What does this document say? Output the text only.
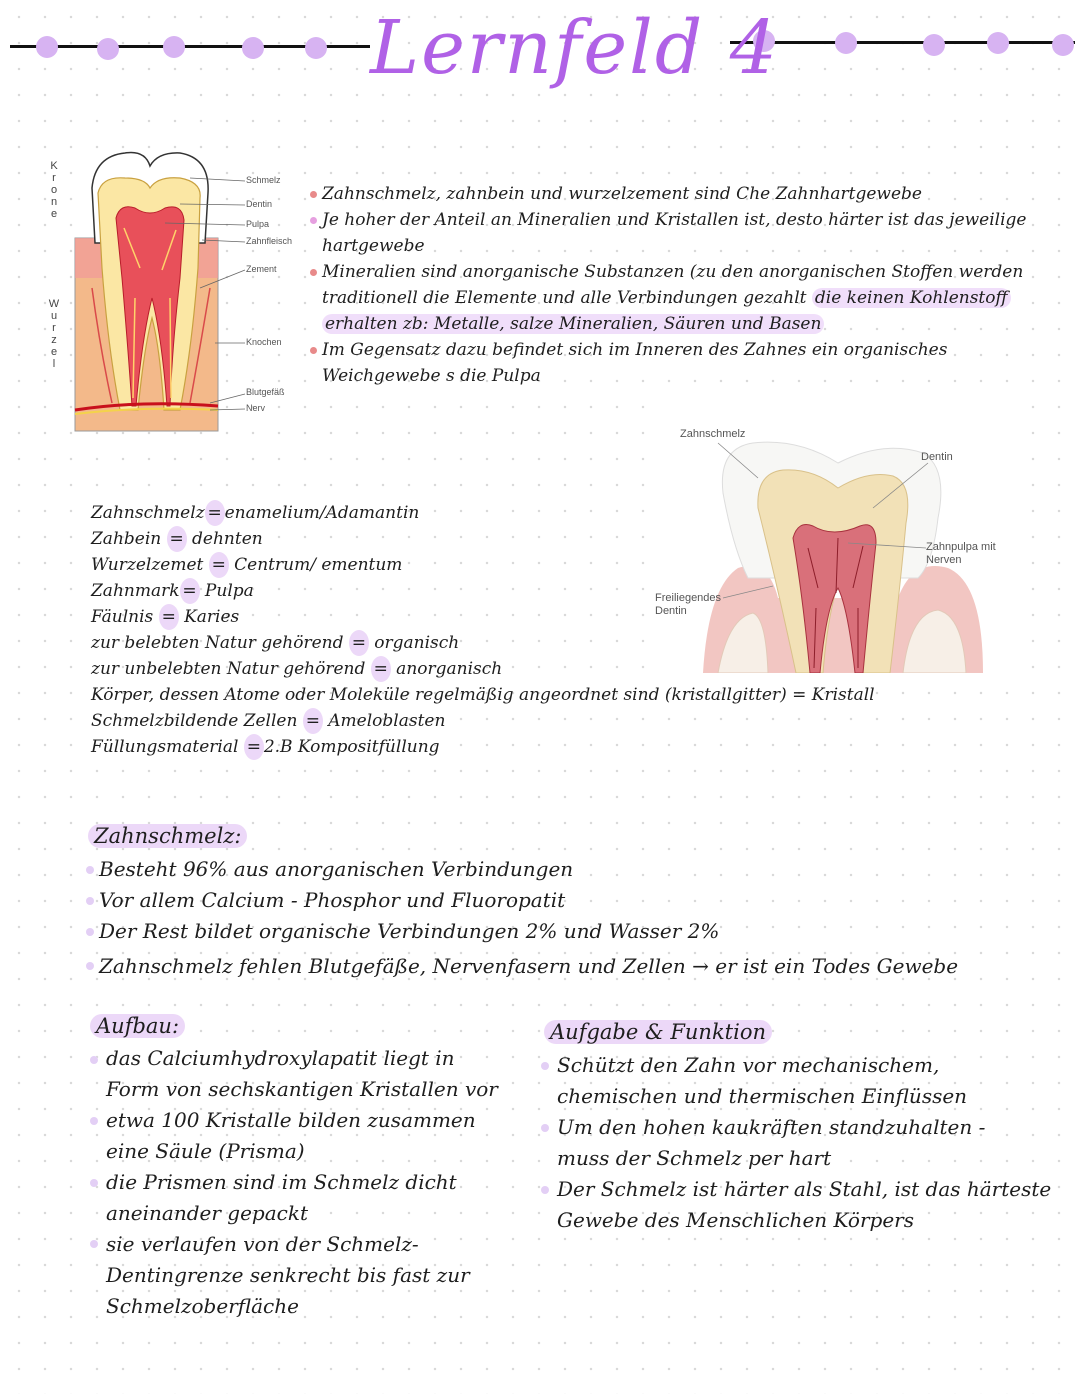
Lernfeld 4
K
r
o
n
e
W
u
r
z
e
l
Schmelz
Dentin
Pulpa
Zahnfleisch
Zement
Knochen
Blutgefäß
Nerv
Zahnschmelz, zahnbein und wurzelzement sind Che Zahnhartgewebe
Je hoher der Anteil an Mineralien und Kristallen ist, desto härter ist das jeweilige
hartgewebe
Mineralien sind anorganische Substanzen (zu den anorganischen Stoffen werden
traditionell die Elemente und alle Verbindungen gezahlt die keinen Kohlenstoff
erhalten zb: Metalle, salze Mineralien, Säuren und Basen
Im Gegensatz dazu befindet sich im Inneren des Zahnes ein organisches
Weichgewebe s die Pulpa
Zahnschmelz
Dentin
Zahnpulpa mit
Nerven
Freiliegendes
Dentin
Zahnschmelz = enamelium/Adamantin
Zahbein = dehnten
Wurzelzemet = Centrum/ ementum
Zahnmark = Pulpa
Fäulnis = Karies
zur belebten Natur gehörend = organisch
zur unbelebten Natur gehörend = anorganisch
Körper, dessen Atome oder Moleküle regelmäßig angeordnet sind (kristallgitter) = Kristall
Schmelzbildende Zellen = Ameloblasten
Füllungsmaterial = 2.B Kompositfüllung
Zahnschmelz:
Besteht 96% aus anorganischen Verbindungen
Vor allem Calcium - Phosphor und Fluoropatit
Der Rest bildet organische Verbindungen 2% und Wasser 2%
Zahnschmelz fehlen Blutgefäße, Nervenfasern und Zellen → er ist ein Todes Gewebe
Aufbau:
das Calciumhydroxylapatit liegt in
Form von sechskantigen Kristallen vor
etwa 100 Kristalle bilden zusammen
eine Säule (Prisma)
die Prismen sind im Schmelz dicht
aneinander gepackt
sie verlaufen von der Schmelz-
Dentingrenze senkrecht bis fast zur
Schmelzoberfläche
Aufgabe & Funktion
Schützt den Zahn vor mechanischem,
chemischen und thermischen Einflüssen
Um den hohen kaukräften standzuhalten -
muss der Schmelz per hart
Der Schmelz ist härter als Stahl, ist das härteste
Gewebe des Menschlichen Körpers
